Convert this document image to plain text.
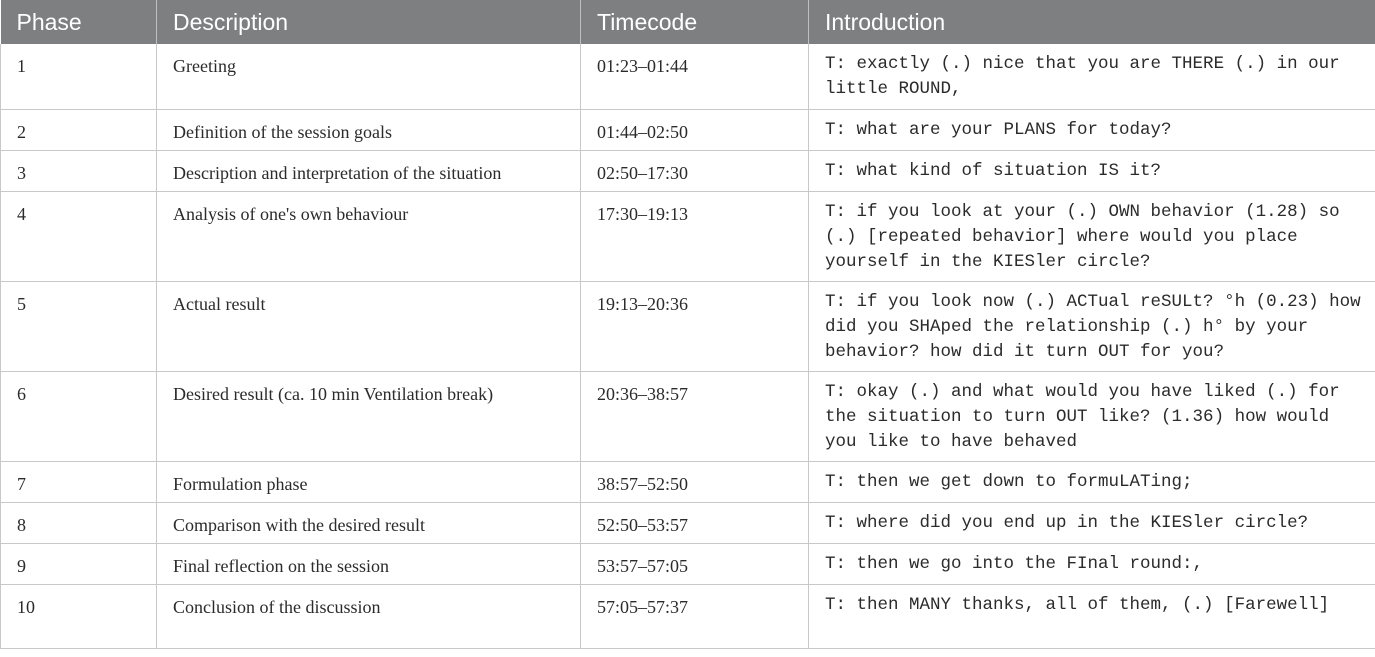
Phase	Description	Timecode	Introduction
1	Greeting	01:23–01:44	T: exactly (.) nice that you are THERE (.) in our little ROUND,
2	Definition of the session goals	01:44–02:50	T: what are your PLANS for today?
3	Description and interpretation of the situation	02:50–17:30	T: what kind of situation IS it?
4	Analysis of one's own behaviour	17:30–19:13	T: if you look at your (.) OWN behavior (1.28) so (.) [repeated behavior] where would you place yourself in the KIESler circle?
5	Actual result	19:13–20:36	T: if you look now (.) ACTual reSULt? °h (0.23) how did you SHAped the relationship (.) h° by your behavior? how did it turn OUT for you?
6	Desired result (ca. 10 min Ventilation break)	20:36–38:57	T: okay (.) and what would you have liked (.) for the situation to turn OUT like? (1.36) how would you like to have behaved
7	Formulation phase	38:57–52:50	T: then we get down to formuLATing;
8	Comparison with the desired result	52:50–53:57	T: where did you end up in the KIESler circle?
9	Final reflection on the session	53:57–57:05	T: then we go into the FInal round:,
10	Conclusion of the discussion	57:05–57:37	T: then MANY thanks, all of them, (.) [Farewell]
